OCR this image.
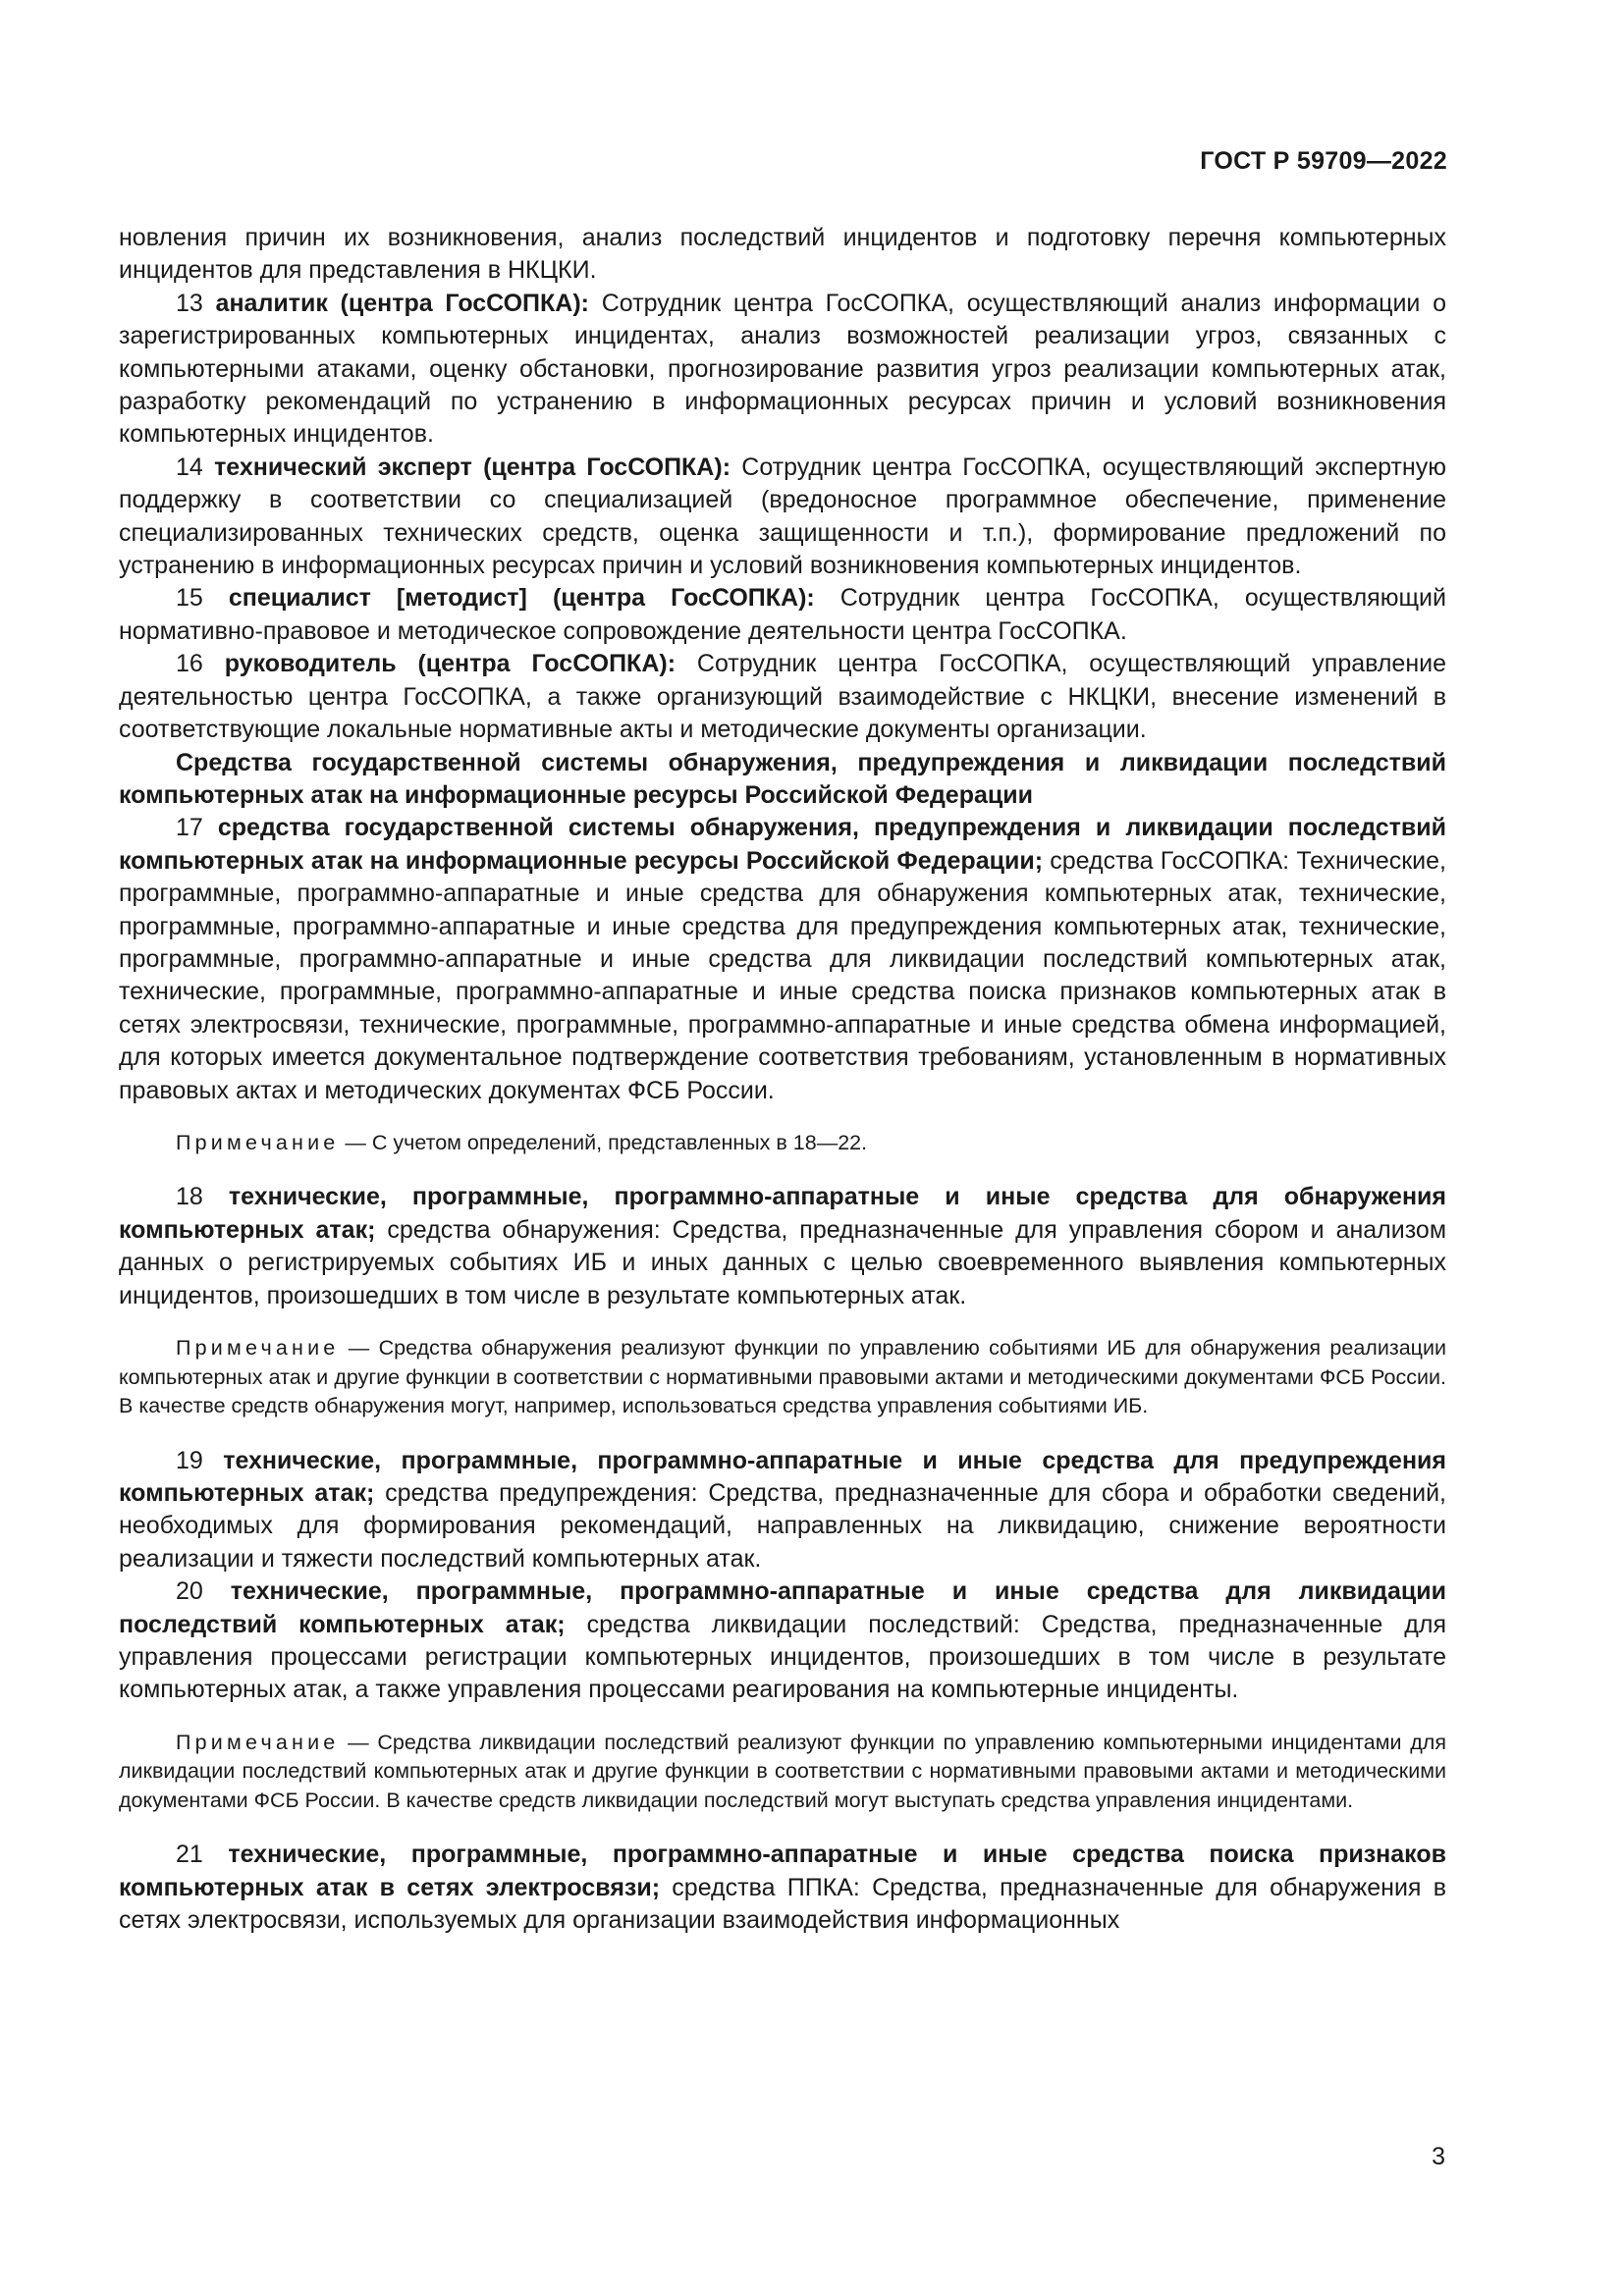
ГОСТ Р 59709—2022

новления причин их возникновения, анализ последствий инцидентов и подготовку перечня компьютерных инцидентов для представления в НКЦКИ.

13 аналитик (центра ГосСОПКА): Сотрудник центра ГосСОПКА, осуществляющий анализ информации о зарегистрированных компьютерных инцидентах, анализ возможностей реализации угроз, связанных с компьютерными атаками, оценку обстановки, прогнозирование развития угроз реализации компьютерных атак, разработку рекомендаций по устранению в информационных ресурсах причин и условий возникновения компьютерных инцидентов.

14 технический эксперт (центра ГосСОПКА): Сотрудник центра ГосСОПКА, осуществляющий экспертную поддержку в соответствии со специализацией (вредоносное программное обеспечение, применение специализированных технических средств, оценка защищенности и т.п.), формирование предложений по устранению в информационных ресурсах причин и условий возникновения компьютерных инцидентов.

15 специалист [методист] (центра ГосСОПКА): Сотрудник центра ГосСОПКА, осуществляющий нормативно-правовое и методическое сопровождение деятельности центра ГосСОПКА.

16 руководитель (центра ГосСОПКА): Сотрудник центра ГосСОПКА, осуществляющий управление деятельностью центра ГосСОПКА, а также организующий взаимодействие с НКЦКИ, внесение изменений в соответствующие локальные нормативные акты и методические документы организации.

Средства государственной системы обнаружения, предупреждения и ликвидации последствий компьютерных атак на информационные ресурсы Российской Федерации

17 средства государственной системы обнаружения, предупреждения и ликвидации последствий компьютерных атак на информационные ресурсы Российской Федерации; средства ГосСОПКА: Технические, программные, программно-аппаратные и иные средства для обнаружения компьютерных атак, технические, программные, программно-аппаратные и иные средства для предупреждения компьютерных атак, технические, программные, программно-аппаратные и иные средства для ликвидации последствий компьютерных атак, технические, программные, программно-аппаратные и иные средства поиска признаков компьютерных атак в сетях электросвязи, технические, программные, программно-аппаратные и иные средства обмена информацией, для которых имеется документальное подтверждение соответствия требованиям, установленным в нормативных правовых актах и методических документах ФСБ России.

Примечание — С учетом определений, представленных в 18—22.

18 технические, программные, программно-аппаратные и иные средства для обнаружения компьютерных атак; средства обнаружения: Средства, предназначенные для управления сбором и анализом данных о регистрируемых событиях ИБ и иных данных с целью своевременного выявления компьютерных инцидентов, произошедших в том числе в результате компьютерных атак.

Примечание — Средства обнаружения реализуют функции по управлению событиями ИБ для обнаружения реализации компьютерных атак и другие функции в соответствии с нормативными правовыми актами и методическими документами ФСБ России. В качестве средств обнаружения могут, например, использоваться средства управления событиями ИБ.

19 технические, программные, программно-аппаратные и иные средства для предупреждения компьютерных атак; средства предупреждения: Средства, предназначенные для сбора и обработки сведений, необходимых для формирования рекомендаций, направленных на ликвидацию, снижение вероятности реализации и тяжести последствий компьютерных атак.

20 технические, программные, программно-аппаратные и иные средства для ликвидации последствий компьютерных атак; средства ликвидации последствий: Средства, предназначенные для управления процессами регистрации компьютерных инцидентов, произошедших в том числе в результате компьютерных атак, а также управления процессами реагирования на компьютерные инциденты.

Примечание — Средства ликвидации последствий реализуют функции по управлению компьютерными инцидентами для ликвидации последствий компьютерных атак и другие функции в соответствии с нормативными правовыми актами и методическими документами ФСБ России. В качестве средств ликвидации последствий могут выступать средства управления инцидентами.

21 технические, программные, программно-аппаратные и иные средства поиска признаков компьютерных атак в сетях электросвязи; средства ППКА: Средства, предназначенные для обнаружения в сетях электросвязи, используемых для организации взаимодействия информационных

3
